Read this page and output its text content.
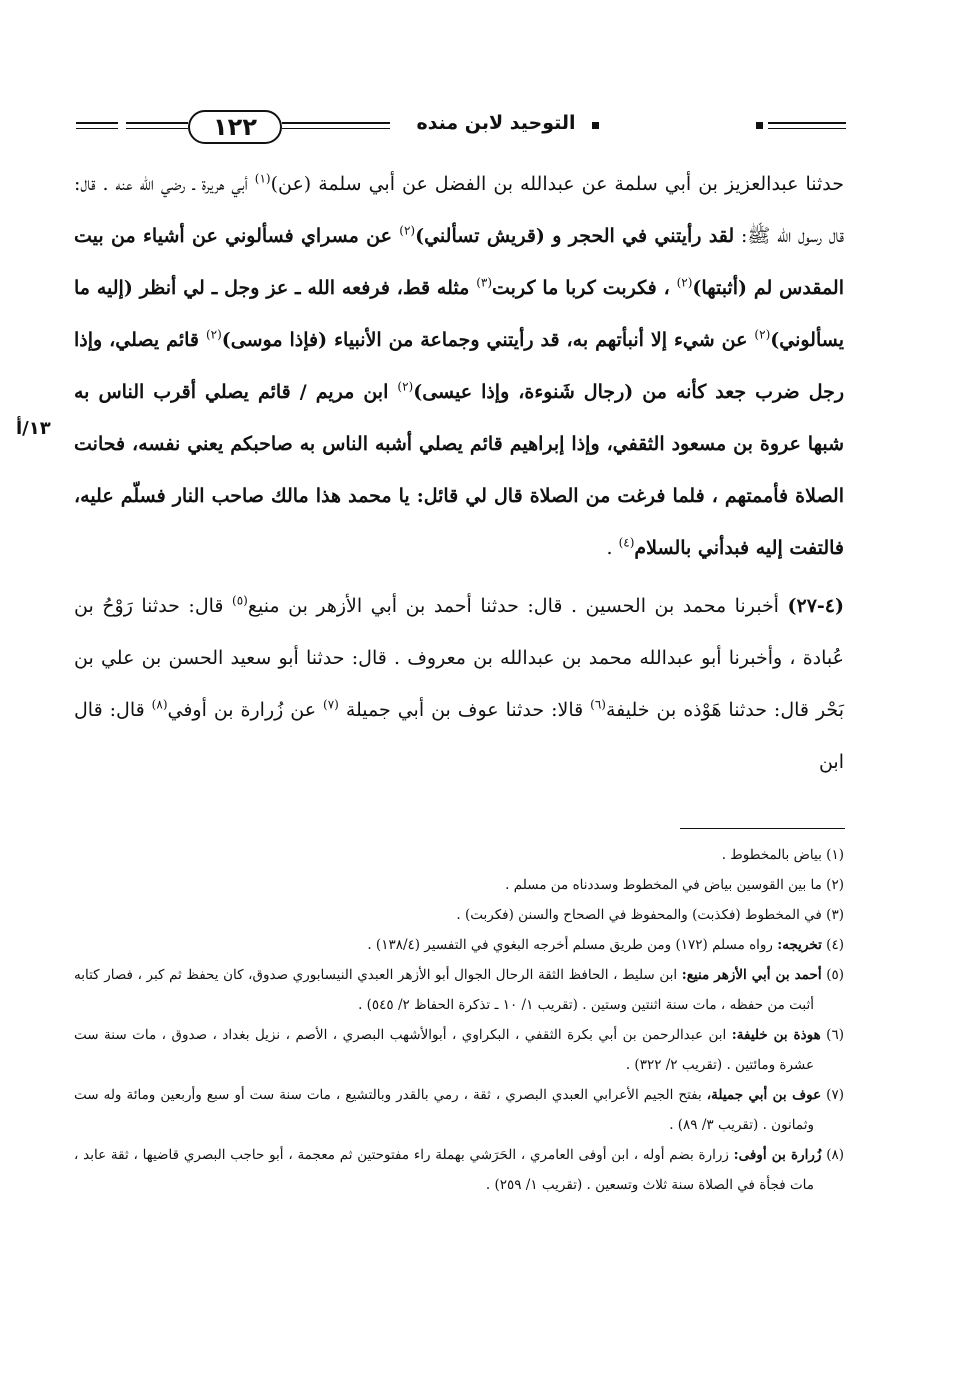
١٢٢	التوحيد لابن منده
١٣/أ

حدثنا عبدالعزيز بن أبي سلمة عن عبدالله بن الفضل عن أبي سلمة (عن)$^{(١)}$ أبي هريرة ـ رضي الله عنه . قال: قال رسول الله ﷺ: لقد رأيتني في الحجر و (قريش تسألني)$^{(٢)}$ عن مسراي فسألوني عن أشياء من بيت المقدس لم (أثبتها)$^{(٢)}$ ، فكربت كربا ما كربت$^{(٣)}$ مثله قط، فرفعه الله ـ عز وجل ـ لي أنظر (إليه ما يسألوني)$^{(٢)}$ عن شيء إلا أنبأتهم به، قد رأيتني وجماعة من الأنبياء (فإذا موسى)$^{(٢)}$ قائم يصلي، وإذا رجل ضرب جعد كأنه من (رجال شَنوءة، وإذا عيسى)$^{(٢)}$ ابن مريم / قائم يصلي أقرب الناس به شبها عروة بن مسعود الثقفي، وإذا إبراهيم قائم يصلي أشبه الناس به صاحبكم يعني نفسه، فحانت الصلاة فأممتهم ، فلما فرغت من الصلاة قال لي قائل: يا محمد هذا مالك صاحب النار فسلّم عليه، فالتفت إليه فبدأني بالسلام$^{(٤)}$ .

(٤-٢٧) أخبرنا محمد بن الحسين . قال: حدثنا أحمد بن أبي الأزهر بن منيع$^{(٥)}$ قال: حدثنا رَوْحُ بن عُبادة ، وأخبرنا أبو عبدالله محمد بن عبدالله بن معروف . قال: حدثنا أبو سعيد الحسن بن علي بن بَحْر قال: حدثنا هَوْذه بن خليفة$^{(٦)}$ قالا: حدثنا عوف بن أبي جميلة $^{(٧)}$ عن زُرارة بن أوفي$^{(٨)}$ قال: قال ابن

(١) بياض بالمخطوط .

(٢) ما بين القوسين بياض في المخطوط وسددناه من مسلم .

(٣) في المخطوط (فكذبت) والمحفوظ في الصحاح والسنن (فكربت) .

(٤) تخريجه: رواه مسلم (١٧٢) ومن طريق مسلم أخرجه البغوي في التفسير (١٣٨/٤) .

(٥) أحمد بن أبي الأزهر منيع: ابن سليط ، الحافظ الثقة الرحال الجوال أبو الأزهر العبدي النيسابوري صدوق، كان يحفظ ثم كبر ، فصار كتابه أثبت من حفظه ، مات سنة اثنتين وستين . (تقريب ١/ ١٠ ـ تذكرة الحفاظ ٢/ ٥٤٥) .

(٦) هوذة بن خليفة: ابن عبدالرحمن بن أبي بكرة الثقفي ، البكراوي ، أبوالأشهب البصري ، الأصم ، نزيل بغداد ، صدوق ، مات سنة ست عشرة ومائتين . (تقريب ٢/ ٣٢٢) .

(٧) عوف بن أبي جميلة، بفتح الجيم الأعرابي العبدي البصري ، ثقة ، رمي بالقدر وبالتشيع ، مات سنة ست أو سبع وأربعين ومائة وله ست وثمانون . (تقريب ٣/ ٨٩) .

(٨) زُرارة بن أوفى: زرارة بضم أوله ، ابن أوفى العامري ، الحَرَشي بهملة راء مفتوحتين ثم معجمة ، أبو حاجب البصري قاضيها ، ثقة عابد ، مات فجأة في الصلاة سنة ثلاث وتسعين . (تقريب ١/ ٢٥٩) .
